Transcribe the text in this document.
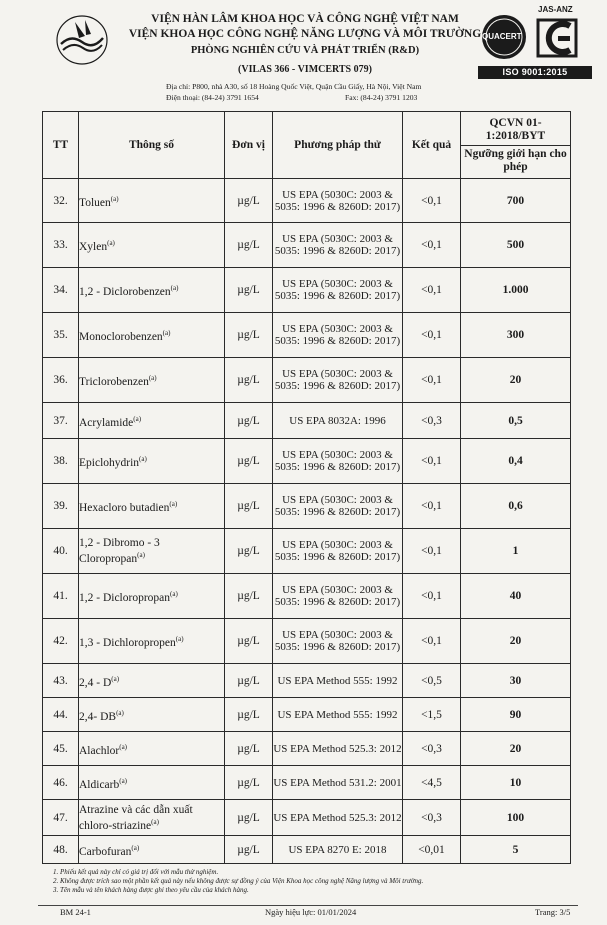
VIỆN HÀN LÂM KHOA HỌC VÀ CÔNG NGHỆ VIỆT NAM
VIỆN KHOA HỌC CÔNG NGHỆ NĂNG LƯỢNG VÀ MÔI TRƯỜNG
PHÒNG NGHIÊN CỨU VÀ PHÁT TRIỂN (R&D)
(VILAS 366 - VIMCERTS 079)
Địa chỉ: P800, nhà A30, số 18 Hoàng Quốc Việt, Quận Cầu Giấy, Hà Nội, Việt Nam
Điện thoại: (84-24) 3791 1654	Fax: (84-24) 3791 1203
JAS-ANZ
QUACERT
ISO 9001:2015
TT	Thông số	Đơn vị	Phương pháp thử	Kết quả	QCVN 01-1:2018/BYT
Ngưỡng giới hạn cho phép

32.	Toluen$^{(a)}$	µg/L	US EPA (5030C: 2003 & 5035: 1996 & 8260D: 2017)	<0,1	700
33.	Xylen$^{(a)}$	µg/L	US EPA (5030C: 2003 & 5035: 1996 & 8260D: 2017)	<0,1	500
34.	1,2 - Diclorobenzen$^{(a)}$	µg/L	US EPA (5030C: 2003 & 5035: 1996 & 8260D: 2017)	<0,1	1.000
35.	Monoclorobenzen$^{(a)}$	µg/L	US EPA (5030C: 2003 & 5035: 1996 & 8260D: 2017)	<0,1	300
36.	Triclorobenzen$^{(a)}$	µg/L	US EPA (5030C: 2003 & 5035: 1996 & 8260D: 2017)	<0,1	20
37.	Acrylamide$^{(a)}$	µg/L	US EPA 8032A: 1996	<0,3	0,5
38.	Epiclohydrin$^{(a)}$	µg/L	US EPA (5030C: 2003 & 5035: 1996 & 8260D: 2017)	<0,1	0,4
39.	Hexacloro butadien$^{(a)}$	µg/L	US EPA (5030C: 2003 & 5035: 1996 & 8260D: 2017)	<0,1	0,6
40.	1,2 - Dibromo - 3 Cloropropan$^{(a)}$	µg/L	US EPA (5030C: 2003 & 5035: 1996 & 8260D: 2017)	<0,1	1
41.	1,2 - Dicloropropan$^{(a)}$	µg/L	US EPA (5030C: 2003 & 5035: 1996 & 8260D: 2017)	<0,1	40
42.	1,3 - Dichloropropen$^{(a)}$	µg/L	US EPA (5030C: 2003 & 5035: 1996 & 8260D: 2017)	<0,1	20
43.	$2,4 - D^{(a)}$	µg/L	US EPA Method 555: 1992	<0,5	30
44.	2,4- DB$^{(a)}$	µg/L	US EPA Method 555: 1992	<1,5	90
45.	Alachlor$^{(a)}$	µg/L	US EPA Method 525.3: 2012	<0,3	20
46.	Aldicarb$^{(a)}$	µg/L	US EPA Method 531.2: 2001	<4,5	10
47.	Atrazine và các dẫn xuất chloro-striazine$^{(a)}$	µg/L	US EPA Method 525.3: 2012	<0,3	100
48.	Carbofuran$^{(a)}$	µg/L	US EPA 8270 E: 2018	<0,01	5
1. Phiếu kết quả này chỉ có giá trị đối với mẫu thử nghiệm.
2. Không được trích sao một phần kết quả này nếu không được sự đồng ý của Viện Khoa học công nghệ Năng lượng và Môi trường.
3. Tên mẫu và tên khách hàng được ghi theo yêu cầu của khách hàng.
BM 24-1	Ngày hiệu lực: 01/01/2024	Trang: 3/5
